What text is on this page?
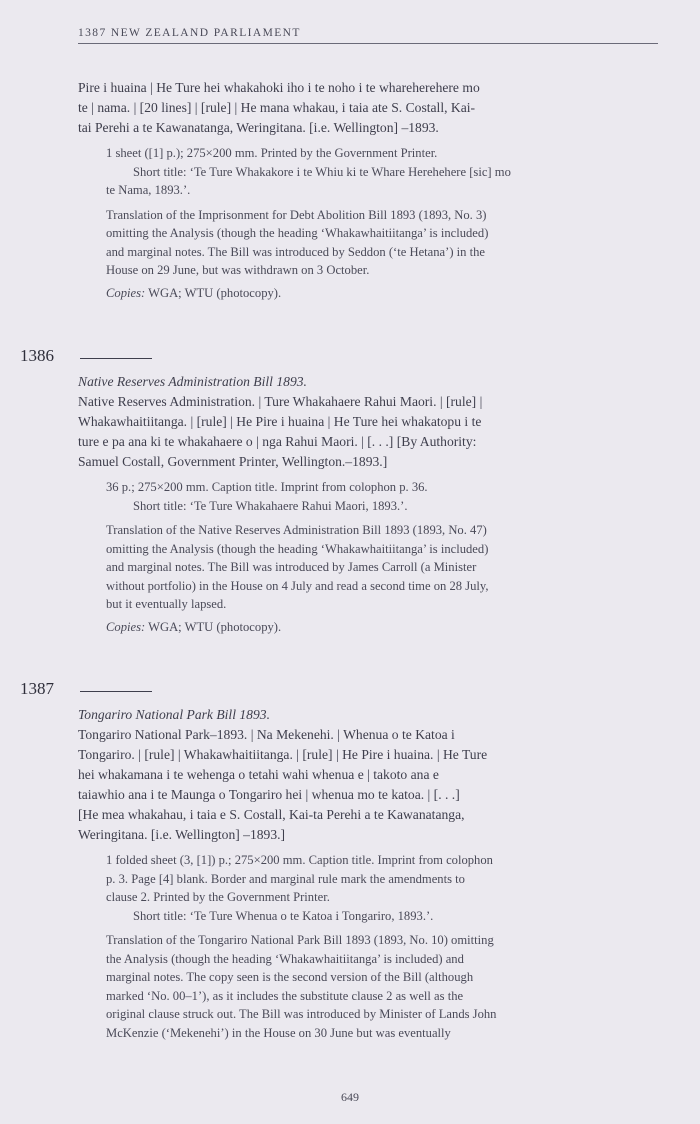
1387 NEW ZEALAND PARLIAMENT

Pire i huaina | He Ture hei whakahoki iho i te noho i te whareherehere mo

te | nama. | [20 lines] | [rule] | He mana whakau, i taia ate S. Costall, Kai-

tai Perehi a te Kawanatanga, Weringitana. [i.e. Wellington] –1893.

1 sheet ([1] p.); 275×200 mm. Printed by the Government Printer.

Short title: ‘Te Ture Whakakore i te Whiu ki te Whare Herehehere [sic] mo

te Nama, 1893.’.

Translation of the Imprisonment for Debt Abolition Bill 1893 (1893, No. 3)

omitting the Analysis (though the heading ‘Whakawhaitiitanga’ is included)

and marginal notes. The Bill was introduced by Seddon (‘te Hetana’) in the

House on 29 June, but was withdrawn on 3 October.

Copies: WGA; WTU (photocopy).

1386

Native Reserves Administration Bill 1893.

Native Reserves Administration. | Ture Whakahaere Rahui Maori. | [rule] |

Whakawhaitiitanga. | [rule] | He Pire i huaina | He Ture hei whakatopu i te

ture e pa ana ki te whakahaere o | nga Rahui Maori. | [. . .] [By Authority:

Samuel Costall, Government Printer, Wellington.–1893.]

36 p.; 275×200 mm. Caption title. Imprint from colophon p. 36.

Short title: ‘Te Ture Whakahaere Rahui Maori, 1893.’.

Translation of the Native Reserves Administration Bill 1893 (1893, No. 47)

omitting the Analysis (though the heading ‘Whakawhaitiitanga’ is included)

and marginal notes. The Bill was introduced by James Carroll (a Minister

without portfolio) in the House on 4 July and read a second time on 28 July,

but it eventually lapsed.

Copies: WGA; WTU (photocopy).

1387

Tongariro National Park Bill 1893.

Tongariro National Park–1893. | Na Mekenehi. | Whenua o te Katoa i

Tongariro. | [rule] | Whakawhaitiitanga. | [rule] | He Pire i huaina. | He Ture

hei whakamana i te wehenga o tetahi wahi whenua e | takoto ana e

taiawhio ana i te Maunga o Tongariro hei | whenua mo te katoa. | [. . .]

[He mea whakahau, i taia e S. Costall, Kai-ta Perehi a te Kawanatanga,

Weringitana. [i.e. Wellington] –1893.]

1 folded sheet (3, [1]) p.; 275×200 mm. Caption title. Imprint from colophon

p. 3. Page [4] blank. Border and marginal rule mark the amendments to

clause 2. Printed by the Government Printer.

Short title: ‘Te Ture Whenua o te Katoa i Tongariro, 1893.’.

Translation of the Tongariro National Park Bill 1893 (1893, No. 10) omitting

the Analysis (though the heading ‘Whakawhaitiitanga’ is included) and

marginal notes. The copy seen is the second version of the Bill (although

marked ‘No. 00–1’), as it includes the substitute clause 2 as well as the

original clause struck out. The Bill was introduced by Minister of Lands John

McKenzie (‘Mekenehi’) in the House on 30 June but was eventually

649
